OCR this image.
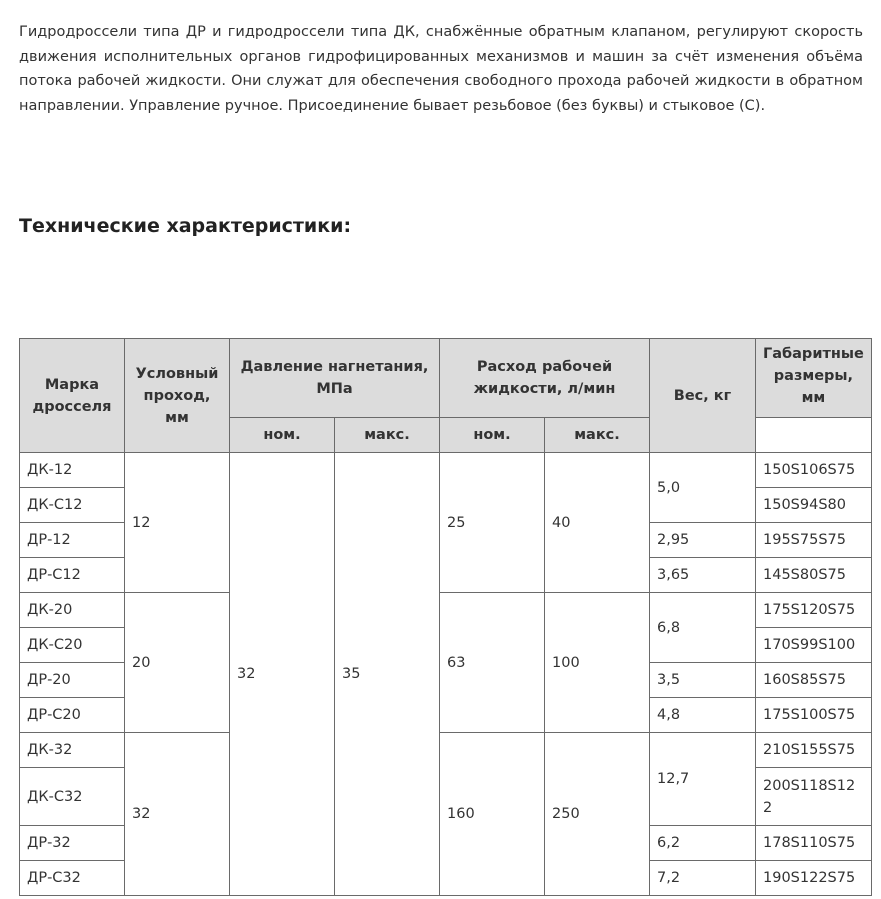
Гидродроссели типа ДР и гидродроссели типа ДК, снабжённые обратным клапаном, регулируют скорость движения исполнительных органов гидрофицированных механизмов и машин за счёт изменения объёма потока рабочей жидкости. Они служат для обеспечения свободного прохода рабочей жидкости в обратном направлении. Управление ручное. Присоединение бывает резьбовое (без буквы) и стыковое (С).

Технические характеристики:
Марка дросселя	Условный проход, мм	Давление нагнетания, МПа		Расход рабочей жидкости, л/мин		Вес, кг	Габаритные размеры, мм
		ном.	макс.	ном.	макс.		
ДК-12	12	32	35	25	40	5,0	150S106S75
ДК-С12							150S94S80
ДР-12						2,95	195S75S75
ДР-С12						3,65	145S80S75
ДК-20	20			63	100	6,8	175S120S75
ДК-С20							170S99S100
ДР-20						3,5	160S85S75
ДР-С20						4,8	175S100S75
ДК-32	32			160	250	12,7	210S155S75
ДК-С32							200S118S122
ДР-32						6,2	178S110S75
ДР-С32						7,2	190S122S75
